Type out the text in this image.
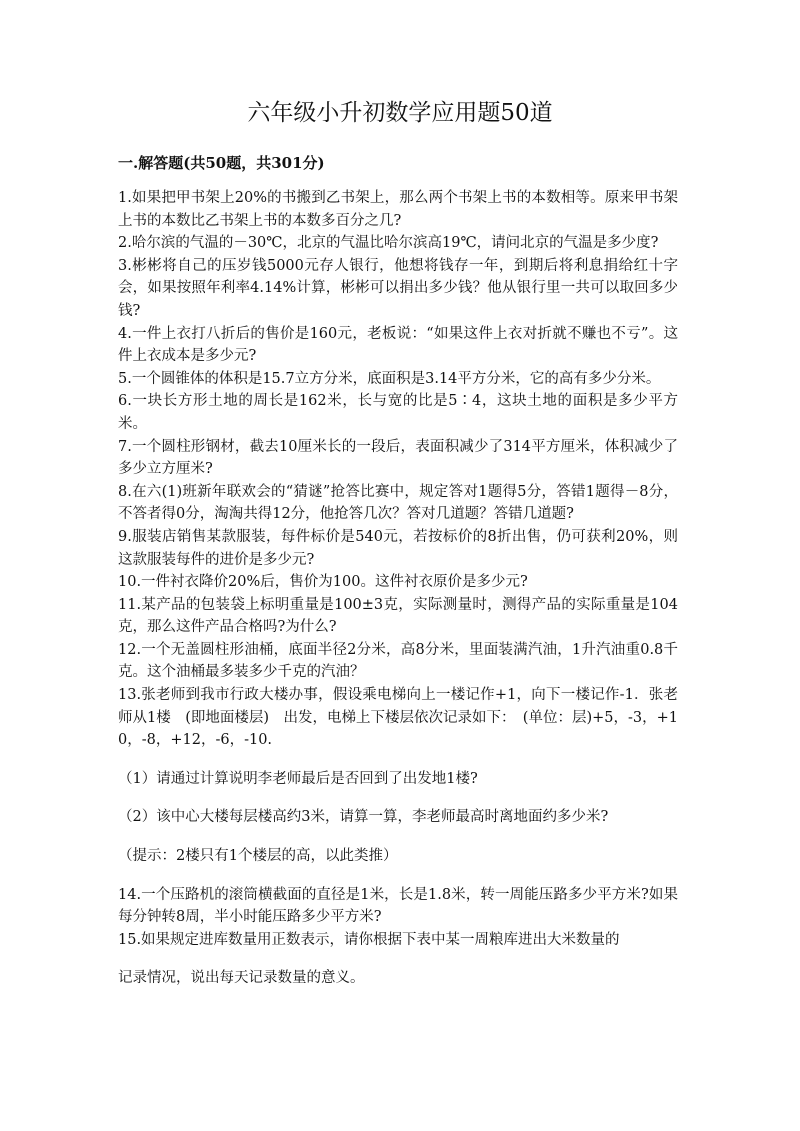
六年级小升初数学应用题50道
一.解答题(共50题，共301分)

1.如果把甲书架上20%的书搬到乙书架上，那么两个书架上书的本数相等。原来甲书架上书的本数比乙书架上书的本数多百分之几?

2.哈尔滨的气温的－30℃，北京的气温比哈尔滨高19℃，请问北京的气温是多少度?

3.彬彬将自己的压岁钱5000元存人银行，他想将钱存一年，到期后将利息捐给红十字会，如果按照年利率4.14%计算，彬彬可以捐出多少钱？他从银行里一共可以取回多少钱?

4.一件上衣打八折后的售价是160元，老板说：“如果这件上衣对折就不赚也不亏”。这件上衣成本是多少元?

5.一个圆锥体的体积是15.7立方分米，底面积是3.14平方分米，它的高有多少分米。

6.一块长方形土地的周长是162米，长与宽的比是5∶4，这块土地的面积是多少平方米。

7.一个圆柱形钢材，截去10厘米长的一段后，表面积减少了314平方厘米，体积减少了多少立方厘米?

8.在六(1)班新年联欢会的“猜谜”抢答比赛中，规定答对1题得5分，答错1题得－8分，不答者得0分，淘淘共得12分，他抢答几次？答对几道题？答错几道题?

9.服装店销售某款服装，每件标价是540元，若按标价的8折出售，仍可获利20%，则这款服装每件的进价是多少元?

10.一件衬衣降价20%后，售价为100。这件衬衣原价是多少元?

11.某产品的包装袋上标明重量是100±3克，实际测量时，测得产品的实际重量是104克，那么这件产品合格吗?为什么?

12.一个无盖圆柱形油桶，底面半径2分米，高8分米，里面装满汽油，1升汽油重0.8千克。这个油桶最多装多少千克的汽油？

13.张老师到我市行政大楼办事，假设乘电梯向上一楼记作+1，向下一楼记作-1．张老师从1楼　(即地面楼层)　出发，电梯上下楼层依次记录如下：　(单位：层)+5，-3，+10，-8，+12，-6，-10.

（1）请通过计算说明李老师最后是否回到了出发地1楼?

（2）该中心大楼每层楼高约3米，请算一算，李老师最高时离地面约多少米?

（提示：2楼只有1个楼层的高，以此类推）

14.一个压路机的滚筒横截面的直径是1米，长是1.8米，转一周能压路多少平方米?如果每分钟转8周，半小时能压路多少平方米?

15.如果规定进库数量用正数表示，请你根据下表中某一周粮库进出大米数量的

记录情况，说出每天记录数量的意义。
